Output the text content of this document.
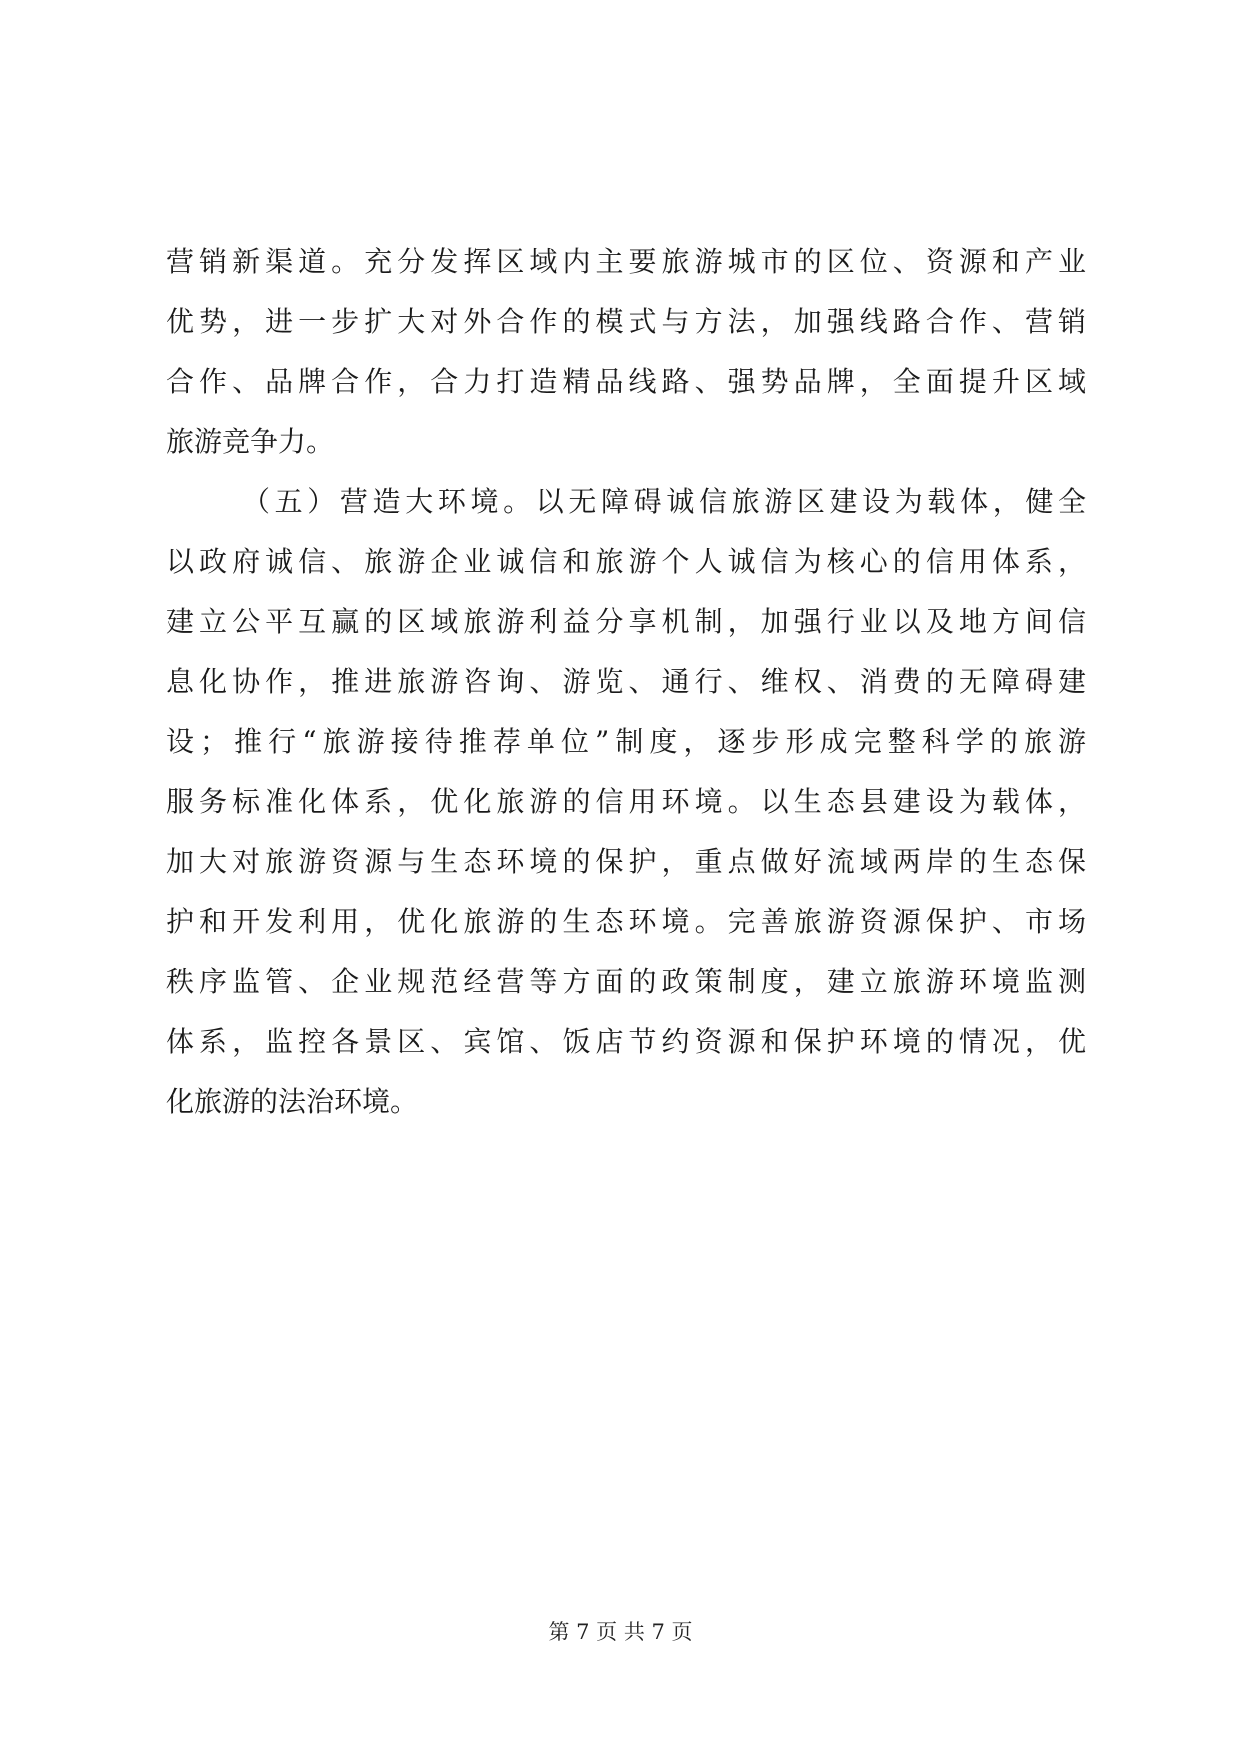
营销新渠道。充分发挥区域内主要旅游城市的区位、资源和产业
优势，进一步扩大对外合作的模式与方法，加强线路合作、营销
合作、品牌合作，合力打造精品线路、强势品牌，全面提升区域
旅游竞争力。
（五）营造大环境。以无障碍诚信旅游区建设为载体，健全
以政府诚信、旅游企业诚信和旅游个人诚信为核心的信用体系，
建立公平互赢的区域旅游利益分享机制，加强行业以及地方间信
息化协作，推进旅游咨询、游览、通行、维权、消费的无障碍建
设；推行“旅游接待推荐单位”制度，逐步形成完整科学的旅游
服务标准化体系，优化旅游的信用环境。以生态县建设为载体，
加大对旅游资源与生态环境的保护，重点做好流域两岸的生态保
护和开发利用，优化旅游的生态环境。完善旅游资源保护、市场
秩序监管、企业规范经营等方面的政策制度，建立旅游环境监测
体系，监控各景区、宾馆、饭店节约资源和保护环境的情况，优
化旅游的法治环境。
第 7 页 共 7 页
